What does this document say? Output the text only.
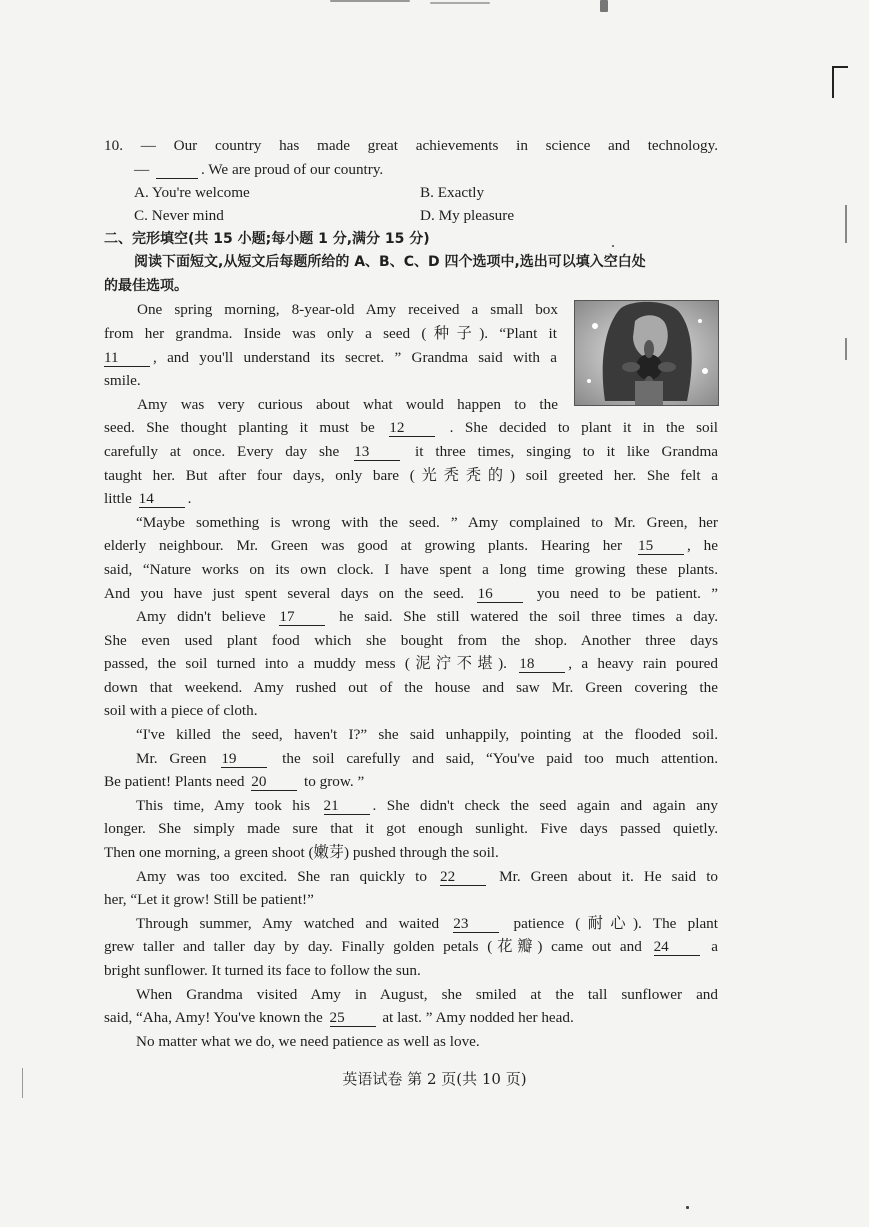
10. — Our country has made great achievements in science and technology.
—	. We are proud of our country.
A. You're welcome	B. Exactly
C. Never mind	D. My pleasure
二、完形填空(共 15 小题;每小题 1 分,满分 15 分)
阅读下面短文,从短文后每题所给的 A、B、C、D 四个选项中,选出可以填入空白处
的最佳选项。
One spring morning, 8-year-old Amy received a small box
from her grandma. Inside was only a seed (种子). “Plant it
11 , and you'll understand its secret. ” Grandma said with a
smile.
Amy was very curious about what would happen to the
seed. She thought planting it must be 12	. She decided to plant it in the soil
carefully at once. Every day she 13	it three times, singing to it like Grandma
taught her. But after four days, only bare (光秃秃的) soil greeted her. She felt a
little 14 .
“Maybe something is wrong with the seed. ” Amy complained to Mr. Green, her
elderly neighbour. Mr. Green was good at growing plants. Hearing her 15 , he
said, “Nature works on its own clock. I have spent a long time growing these plants.
And you have just spent several days on the seed. 16	you need to be patient. ”
Amy didn't believe 17	he said. She still watered the soil three times a day.
She even used plant food which she bought from the shop. Another three days
passed, the soil turned into a muddy mess (泥泞不堪). 18 , a heavy rain poured
down that weekend. Amy rushed out of the house and saw Mr. Green covering the
soil with a piece of cloth.
“I've killed the seed, haven't I?” she said unhappily, pointing at the flooded soil.
Mr. Green 19	the soil carefully and said, “You've paid too much attention.
Be patient! Plants need 20 to grow. ”
This time, Amy took his 21 . She didn't check the seed again and again any
longer. She simply made sure that it got enough sunlight. Five days passed quietly.
Then one morning, a green shoot (嫩芽) pushed through the soil.
Amy was too excited. She ran quickly to 22	Mr. Green about it. He said to
her, “Let it grow! Still be patient!”
Through summer, Amy watched and waited 23	patience (耐心). The plant
grew taller and taller day by day. Finally golden petals (花瓣) came out and 24	a
bright sunflower. It turned its face to follow the sun.
When Grandma visited Amy in August, she smiled at the tall sunflower and
said, “Aha, Amy! You've known the 25 at last. ” Amy nodded her head.
No matter what we do, we need patience as well as love.
英语试卷 第 2 页(共 10 页)
